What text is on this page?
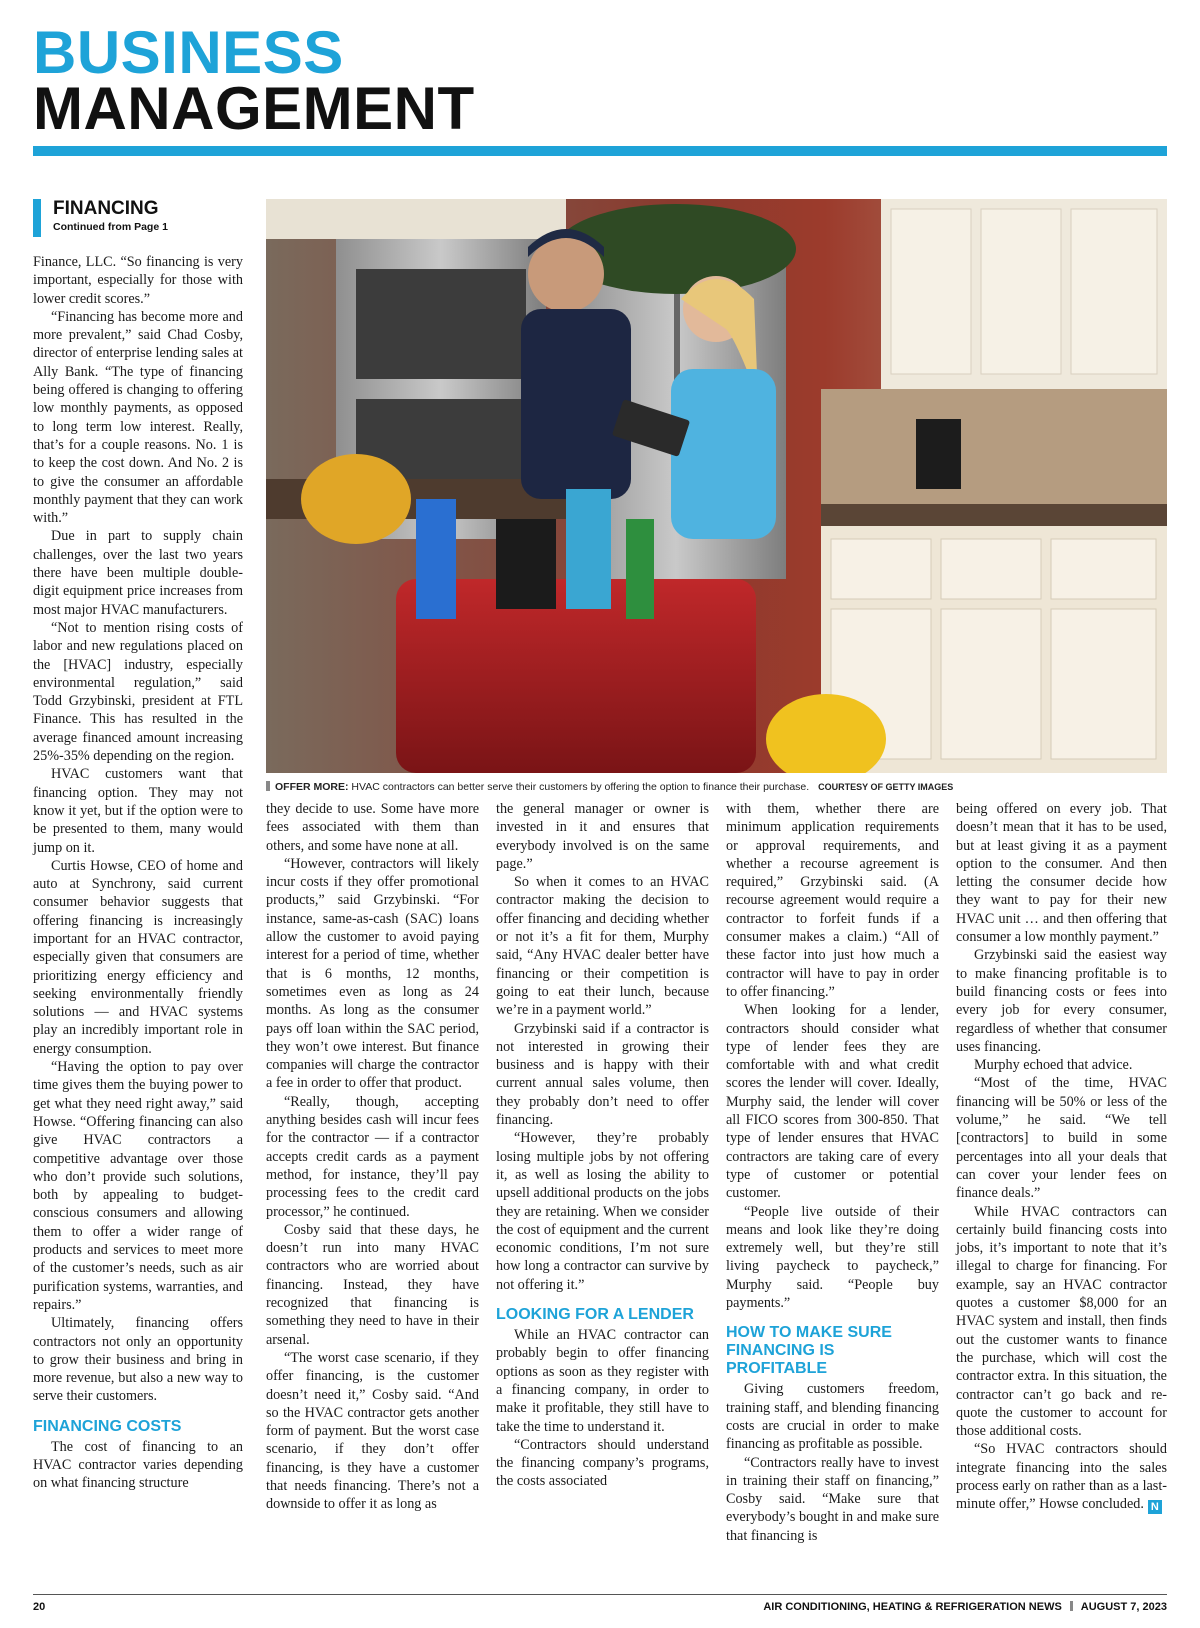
BUSINESS
MANAGEMENT
FINANCING
Continued from Page 1

Finance, LLC. “So financing is very important, especially for those with lower credit scores.”

“Financing has become more and more prevalent,” said Chad Cosby, director of enterprise lending sales at Ally Bank. “The type of financing being offered is changing to offering low monthly payments, as opposed to long term low interest. Really, that’s for a couple reasons. No. 1 is to keep the cost down. And No. 2 is to give the consumer an affordable monthly payment that they can work with.”

Due in part to supply chain challenges, over the last two years there have been multiple double-digit equipment price increases from most major HVAC manufacturers.

“Not to mention rising costs of labor and new regulations placed on the [HVAC] industry, especially environmental regulation,” said Todd Grzybinski, president at FTL Finance. This has resulted in the average financed amount increasing 25%-35% depending on the region.

HVAC customers want that financing option. They may not know it yet, but if the option were to be presented to them, many would jump on it.

Curtis Howse, CEO of home and auto at Synchrony, said current consumer behavior suggests that offering financing is increasingly important for an HVAC contractor, especially given that consumers are prioritizing energy efficiency and seeking environmentally friendly solutions — and HVAC systems play an incredibly important role in energy consumption.

“Having the option to pay over time gives them the buying power to get what they need right away,” said Howse. “Offering financing can also give HVAC contractors a competitive advantage over those who don’t provide such solutions, both by appealing to budget-conscious consumers and allowing them to offer a wider range of products and services to meet more of the customer’s needs, such as air purification systems, warranties, and repairs.”

Ultimately, financing offers contractors not only an opportunity to grow their business and bring in more revenue, but also a new way to serve their customers.

FINANCING COSTS

The cost of financing to an HVAC contractor varies depending on what financing structure

OFFER MORE: HVAC contractors can better serve their customers by offering the option to finance their purchase. COURTESY OF GETTY IMAGES

they decide to use. Some have more fees associated with them than others, and some have none at all.

“However, contractors will likely incur costs if they offer promotional products,” said Grzybinski. “For instance, same-as-cash (SAC) loans allow the customer to avoid paying interest for a period of time, whether that is 6 months, 12 months, sometimes even as long as 24 months. As long as the consumer pays off loan within the SAC period, they won’t owe interest. But finance companies will charge the contractor a fee in order to offer that product.

“Really, though, accepting anything besides cash will incur fees for the contractor — if a contractor accepts credit cards as a payment method, for instance, they’ll pay processing fees to the credit card processor,” he continued.

Cosby said that these days, he doesn’t run into many HVAC contractors who are worried about financing. Instead, they have recognized that financing is something they need to have in their arsenal.

“The worst case scenario, if they offer financing, is the customer doesn’t need it,” Cosby said. “And so the HVAC contractor gets another form of payment. But the worst case scenario, if they don’t offer financing, is they have a customer that needs financing. There’s not a downside to offer it as long as

the general manager or owner is invested in it and ensures that everybody involved is on the same page.”

So when it comes to an HVAC contractor making the decision to offer financing and deciding whether or not it’s a fit for them, Murphy said, “Any HVAC dealer better have financing or their competition is going to eat their lunch, because we’re in a payment world.”

Grzybinski said if a contractor is not interested in growing their business and is happy with their current annual sales volume, then they probably don’t need to offer financing.

“However, they’re probably losing multiple jobs by not offering it, as well as losing the ability to upsell additional products on the jobs they are retaining. When we consider the cost of equipment and the current economic conditions, I’m not sure how long a contractor can survive by not offering it.”

LOOKING FOR A LENDER

While an HVAC contractor can probably begin to offer financing options as soon as they register with a financing company, in order to make it profitable, they still have to take the time to understand it.

“Contractors should understand the financing company’s programs, the costs associated

with them, whether there are minimum application requirements or approval requirements, and whether a recourse agreement is required,” Grzybinski said. (A recourse agreement would require a contractor to forfeit funds if a consumer makes a claim.) “All of these factor into just how much a contractor will have to pay in order to offer financing.”

When looking for a lender, contractors should consider what type of lender fees they are comfortable with and what credit scores the lender will cover. Ideally, Murphy said, the lender will cover all FICO scores from 300-850. That type of lender ensures that HVAC contractors are taking care of every type of customer or potential customer.

“People live outside of their means and look like they’re doing extremely well, but they’re still living paycheck to paycheck,” Murphy said. “People buy payments.”

HOW TO MAKE SURE FINANCING IS PROFITABLE

Giving customers freedom, training staff, and blending financing costs are crucial in order to make financing as profitable as possible.

“Contractors really have to invest in training their staff on financing,” Cosby said. “Make sure that everybody’s bought in and make sure that financing is

being offered on every job. That doesn’t mean that it has to be used, but at least giving it as a payment option to the consumer. And then letting the consumer decide how they want to pay for their new HVAC unit … and then offering that consumer a low monthly payment.”

Grzybinski said the easiest way to make financing profitable is to build financing costs or fees into every job for every consumer, regardless of whether that consumer uses financing.

Murphy echoed that advice.

“Most of the time, HVAC financing will be 50% or less of the volume,” he said. “We tell [contractors] to build in some percentages into all your deals that can cover your lender fees on finance deals.”

While HVAC contractors can certainly build financing costs into jobs, it’s important to note that it’s illegal to charge for financing. For example, say an HVAC contractor quotes a customer $8,000 for an HVAC system and install, then finds out the customer wants to finance the purchase, which will cost the contractor extra. In this situation, the contractor can’t go back and re-quote the customer to account for those additional costs.

“So HVAC contractors should integrate financing into the sales process early on rather than as a last-minute offer,” Howse concluded. N

20	AIR CONDITIONING, HEATING & REFRIGERATION NEWS AUGUST 7, 2023
